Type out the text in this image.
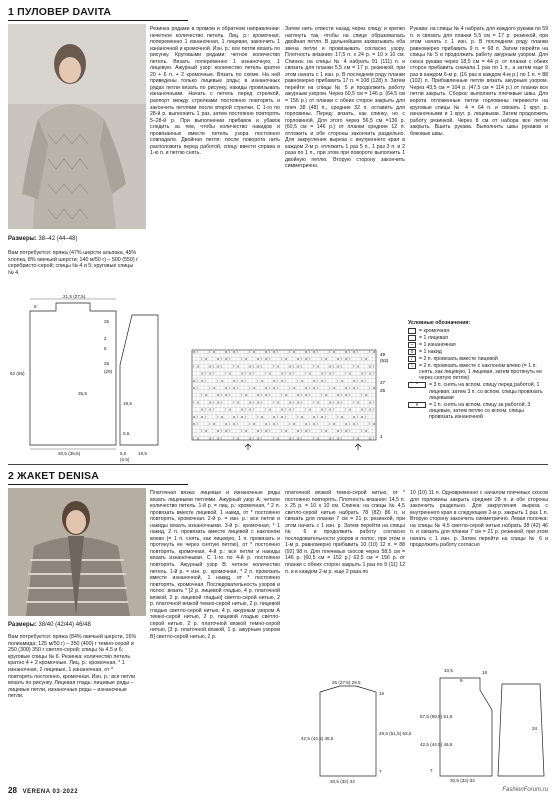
1 ПУЛОВЕР DAVITA
Размеры: 38–42 (44–48)

Вам потребуется: пряжа (47% шерсти альпака, 45% хлопка, 8% овечьей шерсти; 140 м/50 г) – 500 (550) г серебристо-серой; спицы № 4 и 5; круговые спицы № 4.

Резинка рядами в прямом и обратном направлении: нечетное количество петель. Лиц. р.: кромочная, попеременно 1 изнаночная, 1 лицевая, закончить 1 изнаночной и кромочной. Изн. р.: все петли вязать по рисунку. Круговыми рядами: четное количество петель. Вязать попеременно 1 изнаночную, 1 лицевую. Ажурный узор: количество петель кратно 20 + 6 п. + 2 кромочные. Вязать по схеме. На ней приведены только лицевые ряды; в изнаночных рядах петли вязать по рисунку, накиды провязывать изнаночными. Начать с петель перед стрелкой, раппорт между стрелками постоянно повторять и закончить петлями после второй стрелки. С 1-го по 28-й р. выполнить 1 раз, затем постоянно повторять 5–28-й р. При выполнении прибавок и убавок следить за тем, чтобы количество накидов и провязанных вместе петель узора постоянно совпадало. Двойная петля: после поворота нить расположить перед работой, спицу ввести справа в 1-ю п. и петлю снять.

Затем нить отвести назад через спицу и крепко натянуть так, чтобы на спице образовалась двойная петля. В дальнейшем захватывать оба звена петли и провязывать согласно узору. Плотность вязания: 17,5 п. x 24 р. = 10 x 10 см. Спинка: на спицы № 4 набрать 91 (111) п. и связать для планки 5,5 см = 17 р. резинкой, при этом начать с 1 изн. р. В последнем ряду планки равномерно прибавить 17 п. = 108 (128) п. Затем перейти на спицы № 5 и продолжить работу ажурным узором. Через 60,5 см = 146 р. (64,5 см = 156 р.) от планки с обеих сторон закрыть для плеч 38 (48) п., средние 32 п. оставить для горловины. Перед: вязать, как спинку, но с горловиной. Для этого через 56,5 см =136 р. (60,5 см = 146 р.) от планки средние 12 п. отложить и обе стороны закончить раздельно. Для закругления выреза с внутреннего края в каждом 2-м р. отложить 1 раз 5 п., 1 раз 3 п. и 2 раза по 1 п., при этом при повороте выполнить 1 двойную петлю. Вторую сторону закончить симметрично.

Рукава: на спицы № 4 набрать для каждого рукава по 59 п. и связать для планки 5,5 см = 17 р. резинкой, при этом начать с 1 изн. р. В последнем ряду планки равномерно прибавить 9 п. = 68 п. Затем перейти на спицы № 5 и продолжить работу ажурным узором. Для скоса рукава через 18,5 см = 44 р. от планки с обеих сторон прибавить сначала 1 раз по 1 п., а затем еще 9 раз в каждом 6-м р. (16 раз в каждом 4-м р.) по 1 п. = 88 (102) п. Прибавленные петли вязать ажурным узором. Через 43,5 см = 104 р. (47,5 см = 114 р.) от планки все петли закрыть. Сборка: выполнить плечевые швы. Для ворота отложенные петли горловины перевести на круговые спицы № 4 = 64 п. и связать 1 круг. р. изнаночными и 1 круг. р. лицевыми. Затем продолжить работу резинкой. Через 8 см от набора все петли закрыть. Вшить рукава. Выполнить швы рукавов и боковые швы.

21,5 (27,5)
9
25
2
5
25
(29)
62 (66)
35,5
18,5
5,5
30,5 (36,5)	5,5	19,5
(5,5)
o /	\ o o / o /	\ o o / o /	\ o o / o /	\ o o / o /	\ o
\ o o / o /	\ o o / o /	\ o o / o /	\ o o / o /	\ o
\ o o / o /	\ o o / o /	\ o o / o /	\ o o / o /	\ o o /
o / o /	\ o o / o /	\ o o / o /	\ o o / o /	\ o o / o /
o / o /	\ o o / o /	\ o o / o /	\ o o / o /	\ o o / o /
o /	\ o o / o /	\ o o / o /	\ o o / o /	\ o o / o /	\ o
\ o o / o /	\ o o / o /	\ o o / o /	\ o o / o /	\ o
\ o o / o /	\ o o / o /	\ o o / o /	\ o o / o /	\ o o /
o / o /	\ o o / o /	\ o o / o /	\ o o / o /	\ o o / o /
o / o /	\ o o / o /	\ o o / o /	\ o o / o /	\ o o / o /
o /	\ o o / o /	\ o o / o /	\ o o / o /	\ o o / o /	\ o
\ o o / o /	\ o o / o /	\ o o / o /	\ o o / o /	\ o
\ o o / o /	\ o o / o /	\ o o / o /	\ o o / o /	\ o o /
49
(53)
27
25
1
Условные обозначения:
= кромочная
= 1 лицевая
–	= 1 изнаночная
o	= 1 накид
/	= 2 п. провязать вместе лицевой
\	= 2 п. провязать вместе с наклоном влево (= 1 п. снять, как лицевую, 1 лицевая, затем протянуть ее через снятую петлю)
^	= 3 п. снять на вспом. спицу перед работой, 1 лицевая, затем 3 п. со вспом. спицы провязать лицевыми
v	= 1 п. снять на вспом. спицу за работой, 3 лицевые, затем петлю со вспом. спицы провязать изнаночной
2 ЖАКЕТ DENISA
Размеры: 38/40 (42/44) 46/48

Вам потребуется: пряжа (84% овечьей шерсти, 16% полиамида; 125 м/50 г) – 350 (400) г темно-серой и 250 (300) 350 г светло-серой; спицы № 4,5 и 6; круговые спицы № 6. Резинка: количество петель кратно 4 + 2 кромочные. Лиц. р.: кромочная, * 1 изнаночная, 2 лицевые, 1 изнаночная, от * повторять постоянно, кромочная. Изн. р.: все петли вязать по рисунку. Лицевая гладь: лицевые ряды – лицевые петли, изнаночные ряды – изнаночные петли.

Платочная вязка: лицевые и изнаночные ряды вязать лицевыми петлями. Ажурный узор А: четное количество петель. 1-й р. = лиц. р.: кромочная, * 2 п. провязать вместе лицевой, 1 накид, от * постоянно повторять, кромочная. 2-й р. = изн. р.: все петли и накиды вязать изнаночными. 3-й р.: кромочная, * 1 накид, 2 п. провязать вместе лицевой с наклоном влево (= 1 п. снять, как лицевую, 1 п. провязать и протянуть ее через снятую петлю), от * постоянно повторять, кромочная. 4-й р.: все петли и накиды вязать изнаночными. С 1-го по 4-й р. постоянно повторять. Ажурный узор В: четное количество петель. 1-й р. = изн. р.: кромочная, * 2 п. провязать вместе изнаночной, 1 накид, от * постоянно повторять, кромочная. Последовательность узоров и полос: вязать * [2 р. лицевой гладью, 4 р. платочной вязкой, 2 р. лицевой гладью] светло-серой нитью, 2 р. платочной вязкой темно-серой нитью, 2 р. лицевой гладью светло-серой нитью, 4 р. ажурным узором А темно-серой нитью, 2 р. лицевой гладью светло-серой нитью, 2 р. платочной вязкой темно-серой нитью, [3 р. платочной вязкой, 1 р. ажурным узором В] светло-серой нитью, 2 р.

платочной вязкой темно-серой нитью, от * постоянно повторять. Плотность вязания: 14,5 п. x 25 р. = 10 x 10 см. Спинка: на спицы № 4,5 светло-серой нитью набрать 78 (82) 86 п. и связать для планки 7 см = 21 р. резинкой, при этом начать с 1 изн. р. Затем перейти на спицы № 6 и продолжить работу согласно последовательности узоров и полос, при этом в 1-м р. равномерно прибавить 10 (10) 12 п. = 88 (92) 98 п. Для плечевых скосов через 58,5 см = 146 р. (60,5 см = 152 р.) 62,5 см = 156 р. от планки с обеих сторон закрыть 1 раз по 9 (11) 12 п. и в каждом 2-м р. еще 2 раза по

10 (10) 11 п. Одновременно с началом плечевых скосов для горловины закрыть средние 28 п. и обе стороны закончить раздельно. Для закругления выреза с внутреннего края в следующем 2-м р. закрыть 1 раз 1 п. Вторую сторону закончить симметрично. Левая полочка: на спицы № 4,5 светло-серой нитью набрать 38 (42) 46 п. и связать для планки 7 см = 21 р. резинкой, при этом начать с 1 изн. р. Затем перейти на спицы № 6 и продолжить работу согласно

25 (27,5) 29,5
42,5 (44,5) 46,5
49,5 (51,5) 53,5
7
16
30,5 (32) 34
10,5	16
9
57,5 (59,5) 61,5
42,5 (44,5) 46,5
7
30,5 (32) 33
34
28 VERENA 03·2022	FashionForum.ru
